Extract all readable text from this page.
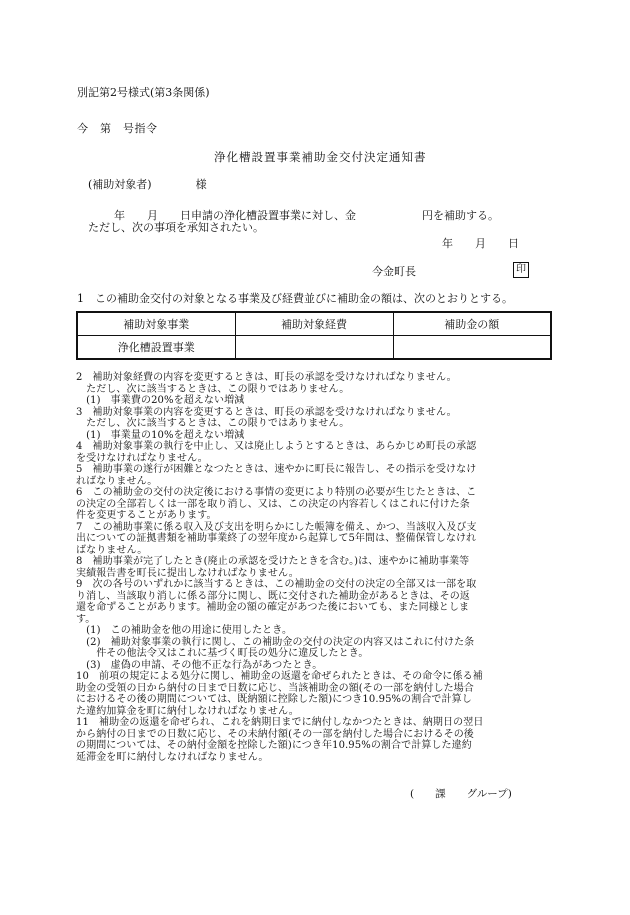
別記第2号様式(第3条関係)
今　第　号指令
浄化槽設置事業補助金交付決定通知書
(補助対象者)　　　　様
年　　月　　日申請の浄化槽設置事業に対し、金　　　　　　円を補助する。
ただし、次の事項を承知されたい。
年　　月　　日
今金町長	印
1　この補助金交付の対象となる事業及び経費並びに補助金の額は、次のとおりとする。
補助対象事業	補助対象経費	補助金の額
浄化槽設置事業		
2　補助対象経費の内容を変更するときは、町長の承認を受けなければなりません。
　ただし、次に該当するときは、この限りではありません。
　(1)　事業費の20%を超えない増減
3　補助対象事業の内容を変更するときは、町長の承認を受けなければなりません。
　ただし、次に該当するときは、この限りではありません。
　(1)　事業量の10%を超えない増減
4　補助対象事業の執行を中止し、又は廃止しようとするときは、あらかじめ町長の承認
を受けなければなりません。
5　補助事業の遂行が困難となつたときは、速やかに町長に報告し、その指示を受けなけ
ればなりません。
6　この補助金の交付の決定後における事情の変更により特別の必要が生じたときは、こ
の決定の全部若しくは一部を取り消し、又は、この決定の内容若しくはこれに付けた条
件を変更することがあります。
7　この補助事業に係る収入及び支出を明らかにした帳簿を備え、かつ、当該収入及び支
出についての証拠書類を補助事業終了の翌年度から起算して5年間は、整備保管しなけれ
ばなりません。
8　補助事業が完了したとき(廃止の承認を受けたときを含む。)は、速やかに補助事業等
実績報告書を町長に提出しなければなりません。
9　次の各号のいずれかに該当するときは、この補助金の交付の決定の全部又は一部を取
り消し、当該取り消しに係る部分に関し、既に交付された補助金があるときは、その返
還を命ずることがあります。補助金の額の確定があつた後においても、また同様としま
す。
　(1)　この補助金を他の用途に使用したとき。
　(2)　補助対象事業の執行に関し、この補助金の交付の決定の内容又はこれに付けた条
　　件その他法令又はこれに基づく町長の処分に違反したとき。
　(3)　虚偽の申請、その他不正な行為があつたとき。
10　前項の規定による処分に関し、補助金の返還を命ぜられたときは、その命令に係る補
助金の受領の日から納付の日まで日数に応じ、当該補助金の額(その一部を納付した場合
におけるその後の期間については、既納額に控除した額)につき10.95%の割合で計算し
た違約加算金を町に納付しなければなりません。
11　補助金の返還を命ぜられ、これを納期日までに納付しなかつたときは、納期日の翌日
から納付の日までの日数に応じ、その未納付額(その一部を納付した場合におけるその後
の期間については、その納付金額を控除した額)につき年10.95%の割合で計算した違約
延滞金を町に納付しなければなりません。
(　　課　　グループ)
